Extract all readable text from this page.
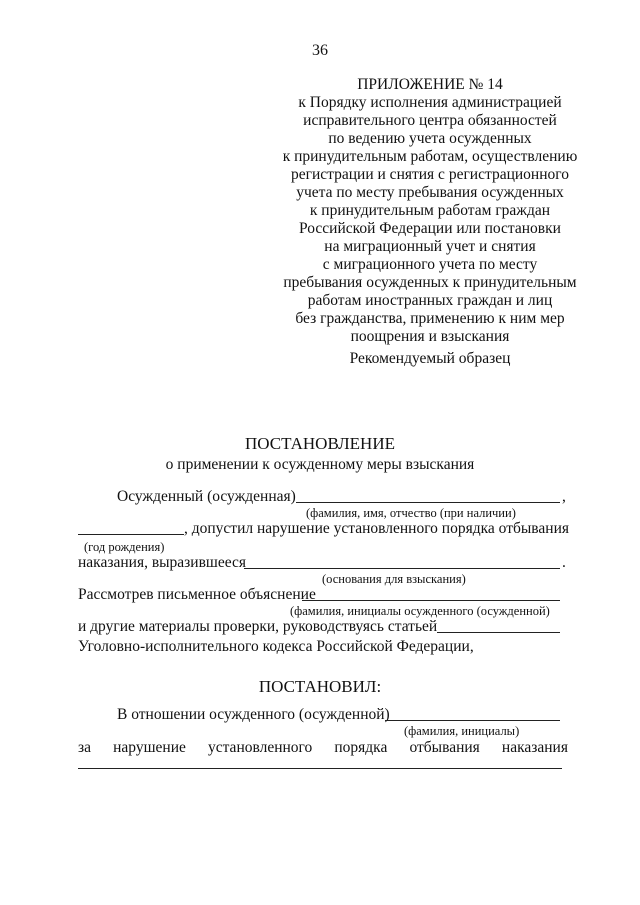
36
ПРИЛОЖЕНИЕ № 14
к Порядку исполнения администрацией
исправительного центра обязанностей
по ведению учета осужденных
к принудительным работам, осуществлению
регистрации и снятия с регистрационного
учета по месту пребывания осужденных
к принудительным работам граждан
Российской Федерации или постановки
на миграционный учет и снятия
с миграционного учета по месту
пребывания осужденных к принудительным
работам иностранных граждан и лиц
без гражданства, применению к ним мер
поощрения и взыскания
Рекомендуемый образец
ПОСТАНОВЛЕНИЕ
о применении к осужденному меры взыскания
Осужденный (осужденная)	,
(фамилия, имя, отчество (при наличии)
, допустил нарушение установленного порядка отбывания
(год рождения)
наказания, выразившееся	.
(основания для взыскания)
Рассмотрев письменное объяснение
(фамилия, инициалы осужденного (осужденной)
и другие материалы проверки, руководствуясь статьей
Уголовно-исполнительного кодекса Российской Федерации,
ПОСТАНОВИЛ:
В отношении осужденного (осужденной)
(фамилия, инициалы)
за нарушение установленного порядка отбывания наказания
